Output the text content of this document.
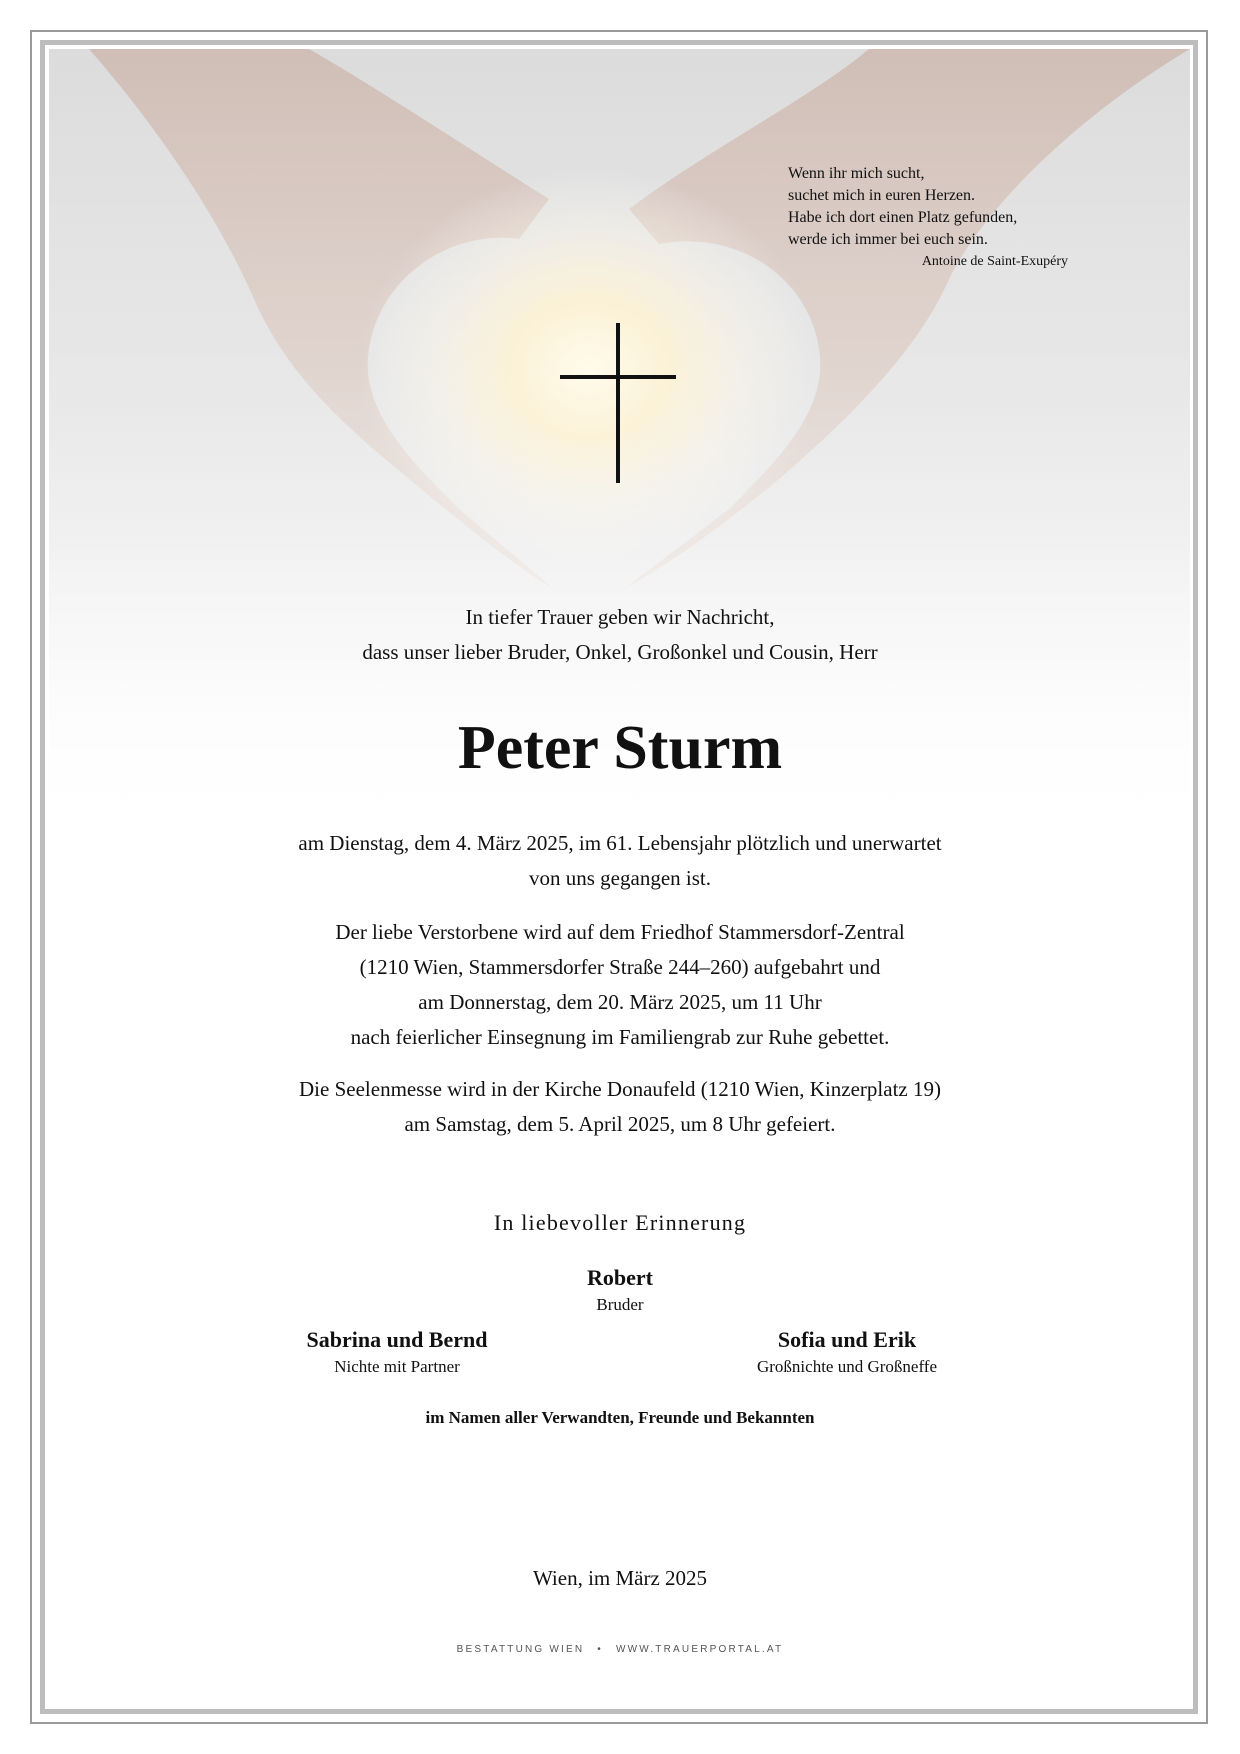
Wenn ihr mich sucht,
suchet mich in euren Herzen.
Habe ich dort einen Platz gefunden,
werde ich immer bei euch sein.
Antoine de Saint-Exupéry
In tiefer Trauer geben wir Nachricht,
dass unser lieber Bruder, Onkel, Großonkel und Cousin, Herr
Peter Sturm
am Dienstag, dem 4. März 2025, im 61. Lebensjahr plötzlich und unerwartet
von uns gegangen ist.
Der liebe Verstorbene wird auf dem Friedhof Stammersdorf-Zentral
(1210 Wien, Stammersdorfer Straße 244–260) aufgebahrt und
am Donnerstag, dem 20. März 2025, um 11 Uhr
nach feierlicher Einsegnung im Familiengrab zur Ruhe gebettet.
Die Seelenmesse wird in der Kirche Donaufeld (1210 Wien, Kinzerplatz 19)
am Samstag, dem 5. April 2025, um 8 Uhr gefeiert.
In liebevoller Erinnerung
Robert
Bruder
Sabrina und Bernd
Nichte mit Partner
Sofia und Erik
Großnichte und Großneffe
im Namen aller Verwandten, Freunde und Bekannten
Wien, im März 2025
BESTATTUNG WIEN • WWW.TRAUERPORTAL.AT
